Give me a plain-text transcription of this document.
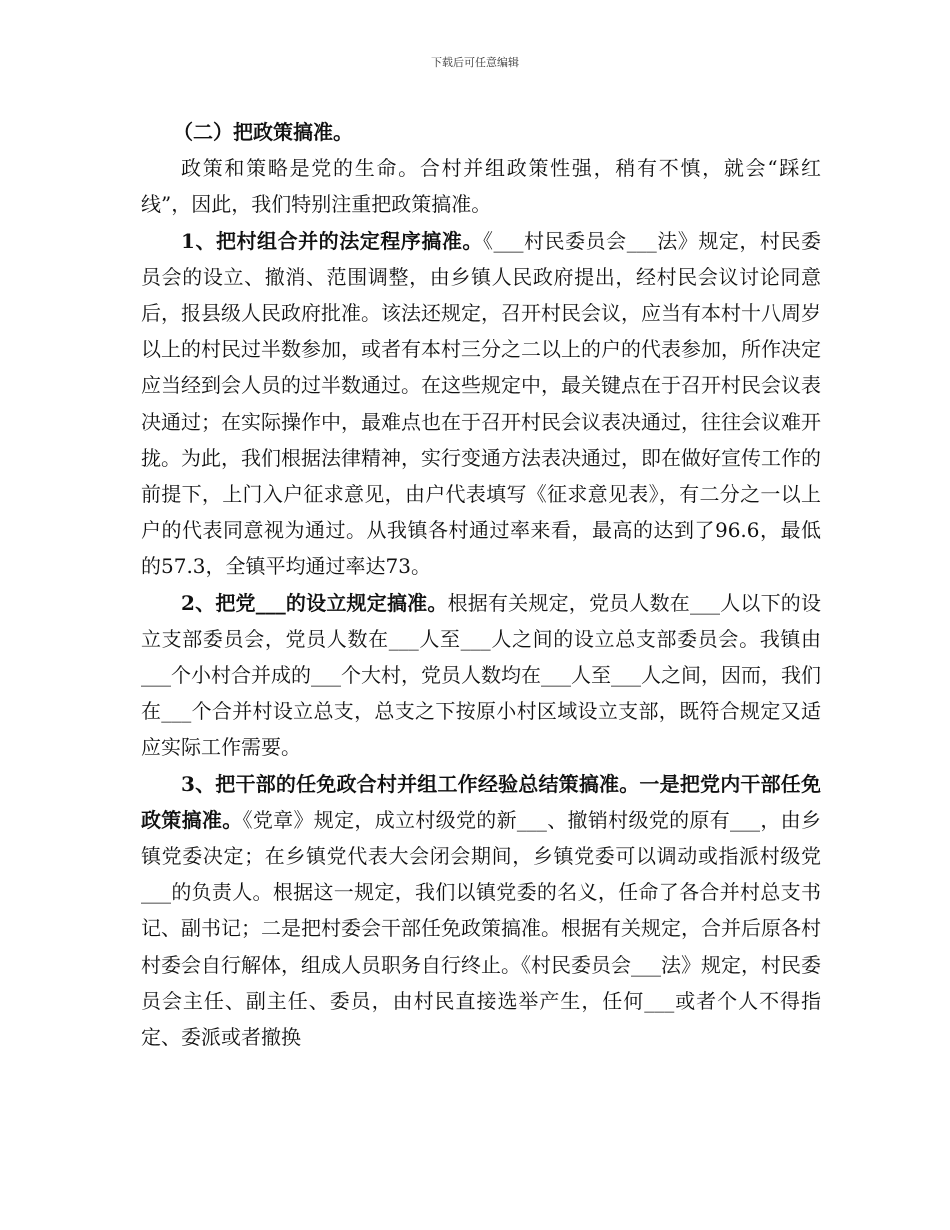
下载后可任意编辑

（二）把政策搞准。

政策和策略是党的生命。合村并组政策性强，稍有不慎，就会“踩红线”，因此，我们特别注重把政策搞准。

1、把村组合并的法定程序搞准。《___村民委员会___法》规定，村民委员会的设立、撤消、范围调整，由乡镇人民政府提出，经村民会议讨论同意后，报县级人民政府批准。该法还规定，召开村民会议，应当有本村十八周岁以上的村民过半数参加，或者有本村三分之二以上的户的代表参加，所作决定应当经到会人员的过半数通过。在这些规定中，最关键点在于召开村民会议表决通过；在实际操作中，最难点也在于召开村民会议表决通过，往往会议难开拢。为此，我们根据法律精神，实行变通方法表决通过，即在做好宣传工作的前提下，上门入户征求意见，由户代表填写《征求意见表》，有二分之一以上户的代表同意视为通过。从我镇各村通过率来看，最高的达到了96.6，最低的57.3，全镇平均通过率达73。

2、把党___的设立规定搞准。根据有关规定，党员人数在___人以下的设立支部委员会，党员人数在___人至___人之间的设立总支部委员会。我镇由___个小村合并成的___个大村，党员人数均在___人至___人之间，因而，我们在___个合并村设立总支，总支之下按原小村区域设立支部，既符合规定又适应实际工作需要。

3、把干部的任免政合村并组工作经验总结策搞准。一是把党内干部任免政策搞准。《党章》规定，成立村级党的新___、撤销村级党的原有___，由乡镇党委决定；在乡镇党代表大会闭会期间，乡镇党委可以调动或指派村级党___的负责人。根据这一规定，我们以镇党委的名义，任命了各合并村总支书记、副书记；二是把村委会干部任免政策搞准。根据有关规定，合并后原各村村委会自行解体，组成人员职务自行终止。《村民委员会___法》规定，村民委员会主任、副主任、委员，由村民直接选举产生，任何___或者个人不得指定、委派或者撤换
